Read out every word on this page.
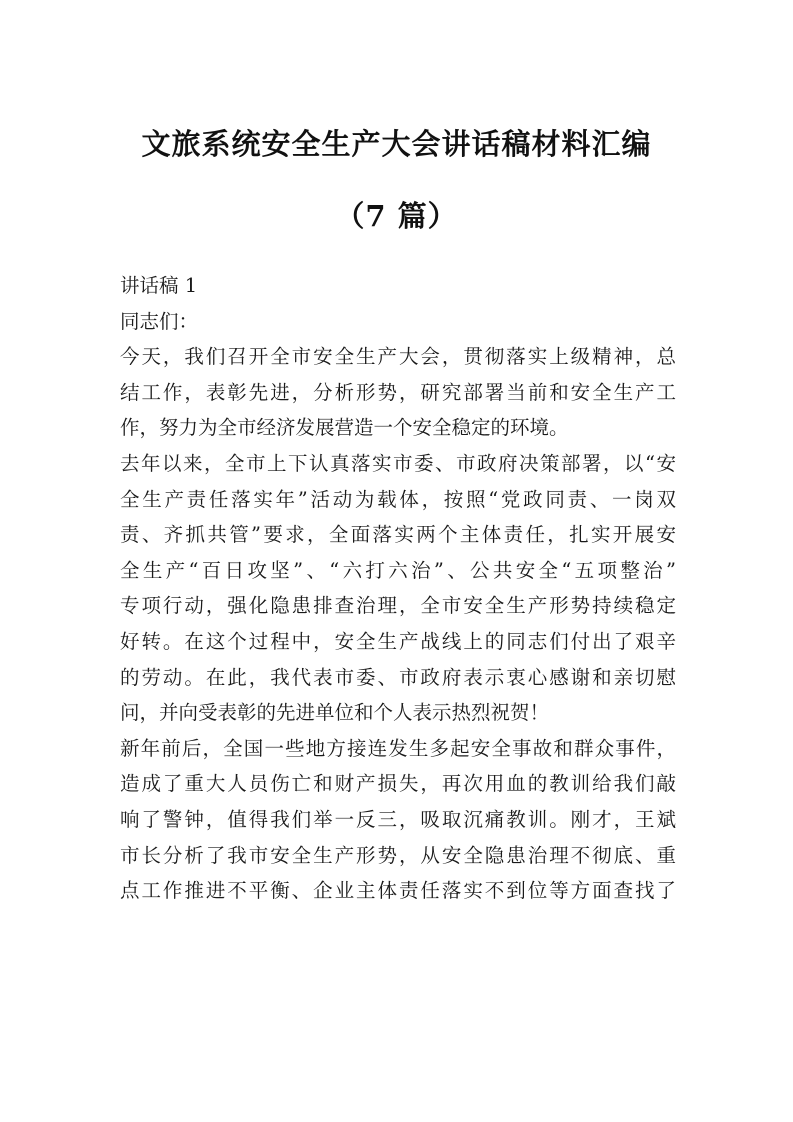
文旅系统安全生产大会讲话稿材料汇编
（7 篇）
讲话稿 1
同志们：
今天，我们召开全市安全生产大会，贯彻落实上级精神，总
结工作，表彰先进，分析形势，研究部署当前和安全生产工
作，努力为全市经济发展营造一个安全稳定的环境。
去年以来，全市上下认真落实市委、市政府决策部署，以“安
全生产责任落实年”活动为载体，按照“党政同责、一岗双
责、齐抓共管”要求，全面落实两个主体责任，扎实开展安
全生产“百日攻坚”、“六打六治”、公共安全“五项整治”
专项行动，强化隐患排查治理，全市安全生产形势持续稳定
好转。在这个过程中，安全生产战线上的同志们付出了艰辛
的劳动。在此，我代表市委、市政府表示衷心感谢和亲切慰
问，并向受表彰的先进单位和个人表示热烈祝贺！
新年前后，全国一些地方接连发生多起安全事故和群众事件，
造成了重大人员伤亡和财产损失，再次用血的教训给我们敲
响了警钟，值得我们举一反三，吸取沉痛教训。刚才，王斌
市长分析了我市安全生产形势，从安全隐患治理不彻底、重
点工作推进不平衡、企业主体责任落实不到位等方面查找了
